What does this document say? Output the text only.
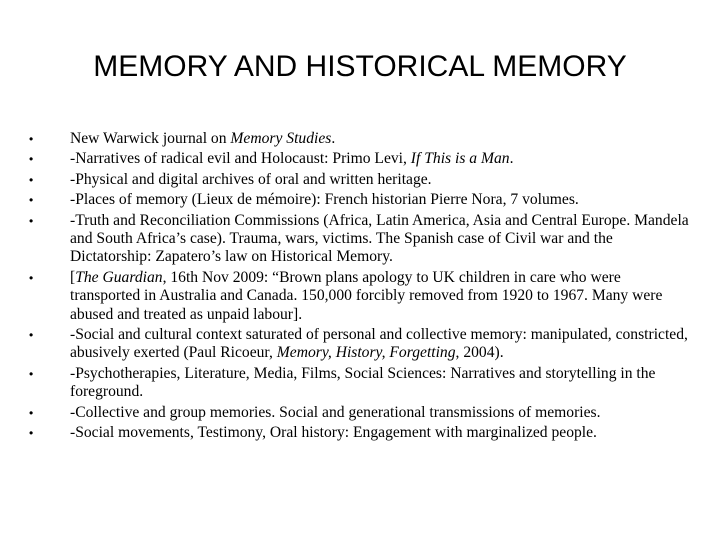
MEMORY AND HISTORICAL MEMORY
•	New Warwick journal on Memory Studies.
•	-Narratives of radical evil and Holocaust: Primo Levi, If This is a Man.
•	-Physical and digital archives of oral and written heritage.
•	-Places of memory (Lieux de mémoire): French historian Pierre Nora, 7 volumes.
•	-Truth and Reconciliation Commissions (Africa, Latin America, Asia and Central Europe. Mandela and South Africa’s case). Trauma, wars, victims. The Spanish case of Civil war and the Dictatorship: Zapatero’s law on Historical Memory.
•	[The Guardian, 16th Nov 2009: “Brown plans apology to UK children in care who were transported in Australia and Canada. 150,000 forcibly removed from 1920 to 1967. Many were abused and treated as unpaid labour].
•	-Social and cultural context saturated of personal and collective memory: manipulated, constricted, abusively exerted (Paul Ricoeur, Memory, History, Forgetting, 2004).
•	-Psychotherapies, Literature, Media, Films, Social Sciences: Narratives and storytelling in the foreground.
•	-Collective and group memories. Social and generational transmissions of memories.
•	-Social movements, Testimony, Oral history: Engagement with marginalized people.
